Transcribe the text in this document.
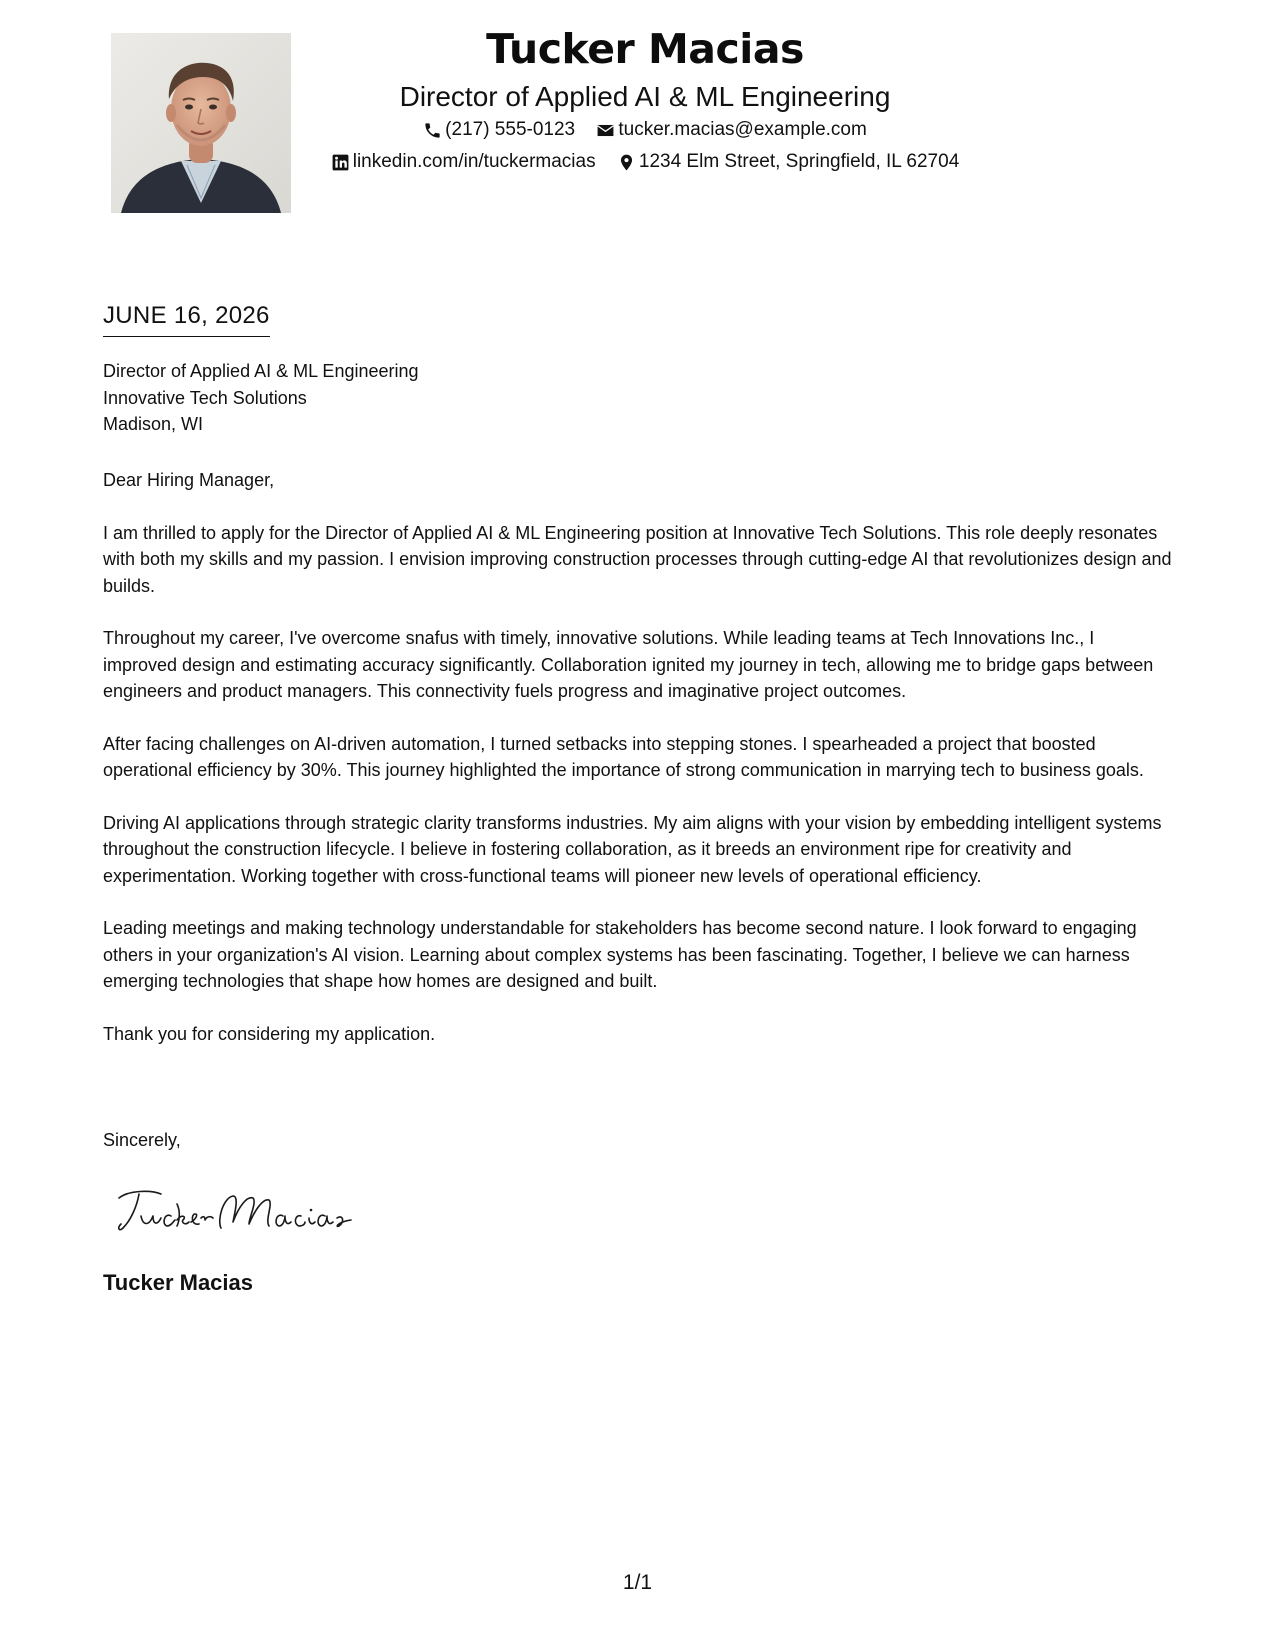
Tucker Macias
Director of Applied AI & ML Engineering
(217) 555-0123
tucker.macias@example.com
linkedin.com/in/tuckermacias
1234 Elm Street, Springfield, IL 62704
JUNE 16, 2026
Director of Applied AI & ML Engineering
Innovative Tech Solutions
Madison, WI

Dear Hiring Manager,

I am thrilled to apply for the Director of Applied AI & ML Engineering position at Innovative Tech Solutions. This role deeply resonates with both my skills and my passion. I envision improving construction processes through cutting-edge AI that revolutionizes design and builds.

Throughout my career, I've overcome snafus with timely, innovative solutions. While leading teams at Tech Innovations Inc., I improved design and estimating accuracy significantly. Collaboration ignited my journey in tech, allowing me to bridge gaps between engineers and product managers. This connectivity fuels progress and imaginative project outcomes.

After facing challenges on AI-driven automation, I turned setbacks into stepping stones. I spearheaded a project that boosted operational efficiency by 30%. This journey highlighted the importance of strong communication in marrying tech to business goals.

Driving AI applications through strategic clarity transforms industries. My aim aligns with your vision by embedding intelligent systems throughout the construction lifecycle. I believe in fostering collaboration, as it breeds an environment ripe for creativity and experimentation. Working together with cross-functional teams will pioneer new levels of operational efficiency.

Leading meetings and making technology understandable for stakeholders has become second nature. I look forward to engaging others in your organization's AI vision. Learning about complex systems has been fascinating. Together, I believe we can harness emerging technologies that shape how homes are designed and built.

Thank you for considering my application.

Sincerely,
Tucker Macias
1/1
